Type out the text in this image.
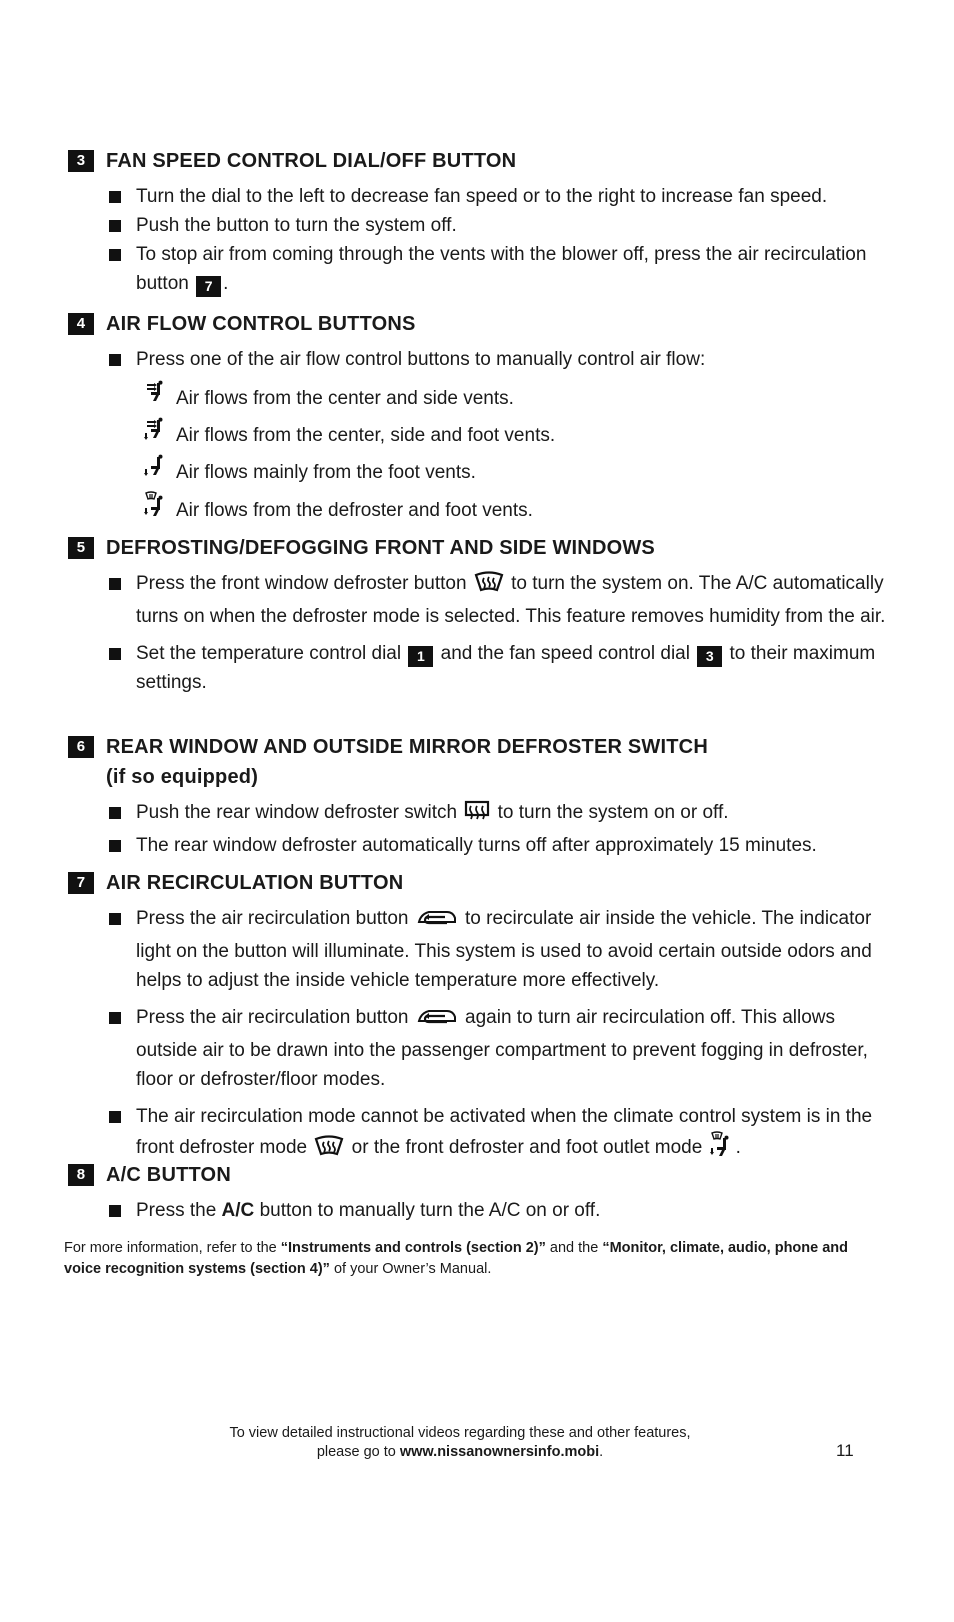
3	FAN SPEED CONTROL DIAL/OFF BUTTON
Turn the dial to the left to decrease fan speed or to the right to increase fan speed.
Push the button to turn the system off.
To stop air from coming through the vents with the blower off, press the air recirculation button 7 .
4	AIR FLOW CONTROL BUTTONS
Press one of the air flow control buttons to manually control air flow:
Air flows from the center and side vents.
Air flows from the center, side and foot vents.
Air flows mainly from the foot vents.
Air flows from the defroster and foot vents.
5	DEFROSTING/DEFOGGING FRONT AND SIDE WINDOWS
Press the front window defroster button to turn the system on. The A/C automatically turns on when the defroster mode is selected. This feature removes humidity from the air.
Set the temperature control dial 1 and the fan speed control dial 3 to their maximum settings.
6	REAR WINDOW AND OUTSIDE MIRROR DEFROSTER SWITCH
(if so equipped)
Push the rear window defroster switch to turn the system on or off.
The rear window defroster automatically turns off after approximately 15 minutes.
7	AIR RECIRCULATION BUTTON
Press the air recirculation button	to recirculate air inside the vehicle. The indicator light on the button will illuminate. This system is used to avoid certain outside odors and helps to adjust the inside vehicle temperature more effectively.
Press the air recirculation button	again to turn air recirculation off. This allows outside air to be drawn into the passenger compartment to prevent fogging in defroster, floor or defroster/floor modes.
The air recirculation mode cannot be activated when the climate control system is in the front defroster mode or the front defroster and foot outlet mode .
8	A/C BUTTON
Press the A/C button to manually turn the A/C on or off.
For more information, refer to the “Instruments and controls (section 2)” and the “Monitor, climate, audio, phone and voice recognition systems (section 4)” of your Owner’s Manual.
To view detailed instructional videos regarding these and other features,
please go to www.nissanownersinfo.mobi.	11
